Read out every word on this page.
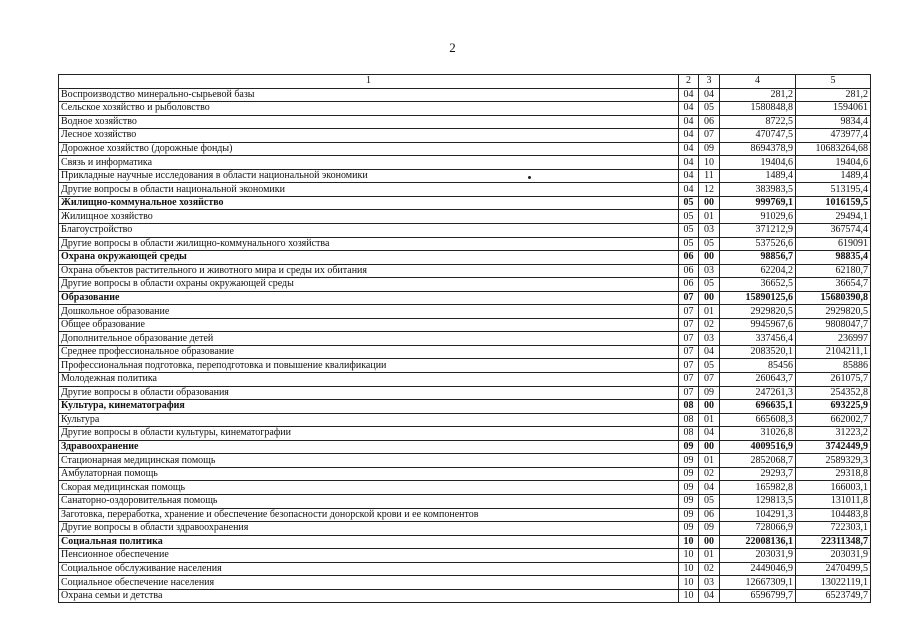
2
1	2	3	4	5
Воспроизводство минерально-сырьевой базы	04	04	281,2	281,2
Сельское хозяйство и рыболовство	04	05	1580848,8	1594061
Водное хозяйство	04	06	8722,5	9834,4
Лесное хозяйство	04	07	470747,5	473977,4
Дорожное хозяйство (дорожные фонды)	04	09	8694378,9	10683264,68
Связь и информатика	04	10	19404,6	19404,6
Прикладные научные исследования в области национальной экономики	04	11	1489,4	1489,4
Другие вопросы в области национальной экономики	04	12	383983,5	513195,4
Жилищно-коммунальное хозяйство	05	00	999769,1	1016159,5
Жилищное хозяйство	05	01	91029,6	29494,1
Благоустройство	05	03	371212,9	367574,4
Другие вопросы в области жилищно-коммунального хозяйства	05	05	537526,6	619091
Охрана окружающей среды	06	00	98856,7	98835,4
Охрана объектов растительного и животного мира и среды их обитания	06	03	62204,2	62180,7
Другие вопросы в области охраны окружающей среды	06	05	36652,5	36654,7
Образование	07	00	15890125,6	15680390,8
Дошкольное образование	07	01	2929820,5	2929820,5
Общее образование	07	02	9945967,6	9808047,7
Дополнительное образование детей	07	03	337456,4	236997
Среднее профессиональное образование	07	04	2083520,1	2104211,1
Профессиональная подготовка, переподготовка и повышение квалификации	07	05	85456	85886
Молодежная политика	07	07	260643,7	261075,7
Другие вопросы в области образования	07	09	247261,3	254352,8
Культура, кинематография	08	00	696635,1	693225,9
Культура	08	01	665608,3	662002,7
Другие вопросы в области культуры, кинематографии	08	04	31026,8	31223,2
Здравоохранение	09	00	4009516,9	3742449,9
Стационарная медицинская помощь	09	01	2852068,7	2589329,3
Амбулаторная помощь	09	02	29293,7	29318,8
Скорая медицинская помощь	09	04	165982,8	166003,1
Санаторно-оздоровительная помощь	09	05	129813,5	131011,8
Заготовка, переработка, хранение и обеспечение безопасности донорской крови и ее компонентов	09	06	104291,3	104483,8
Другие вопросы в области здравоохранения	09	09	728066,9	722303,1
Социальная политика	10	00	22008136,1	22311348,7
Пенсионное обеспечение	10	01	203031,9	203031,9
Социальное обслуживание населения	10	02	2449046,9	2470499,5
Социальное обеспечение населения	10	03	12667309,1	13022119,1
Охрана семьи и детства	10	04	6596799,7	6523749,7
